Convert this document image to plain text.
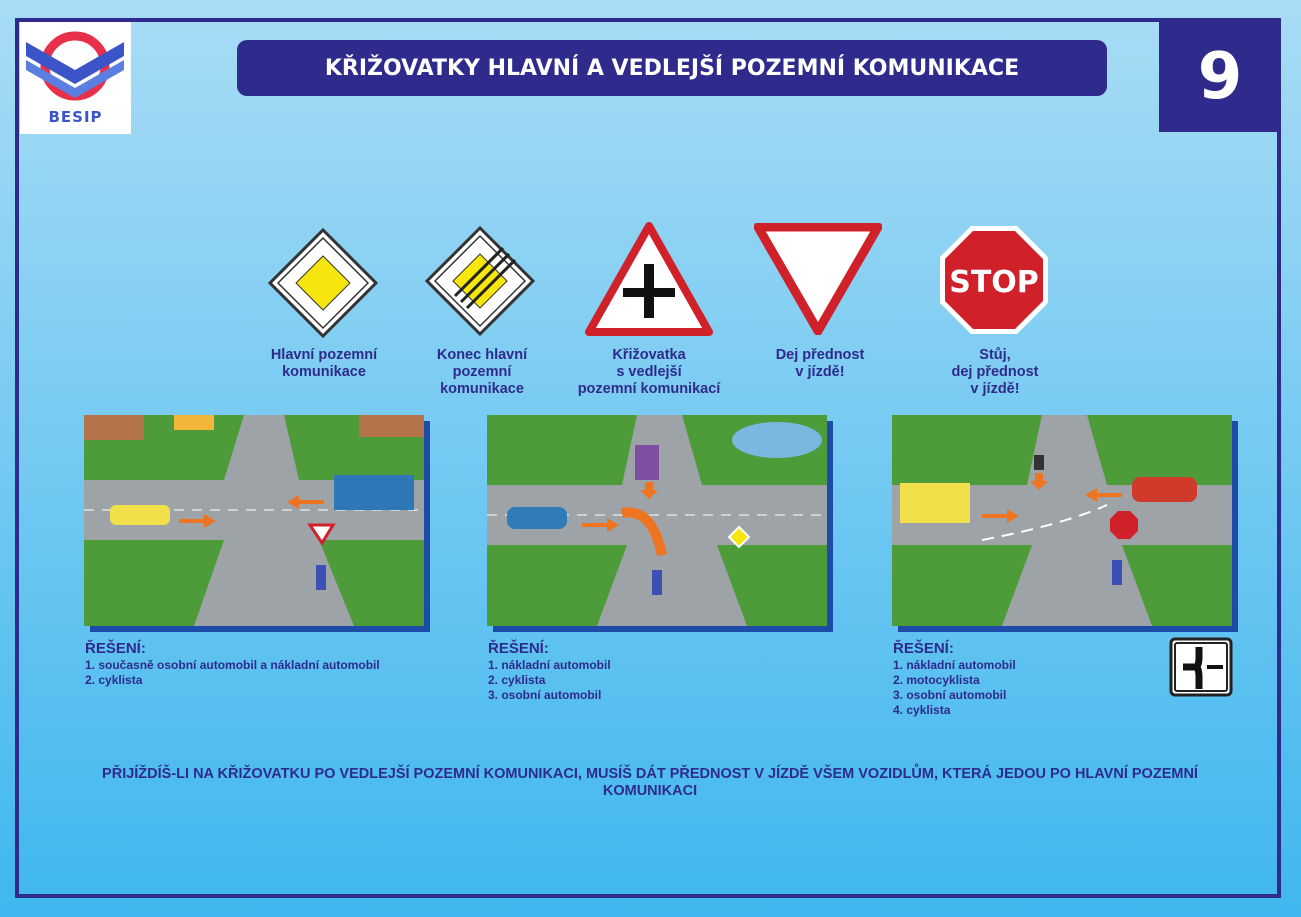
BESIP
KŘIŽOVATKY HLAVNÍ A VEDLEJŠÍ POZEMNÍ KOMUNIKACE	9
STOP
Hlavní pozemní
komunikace
Konec hlavní
pozemní
komunikace
Křižovatka
s vedlejší
pozemní komunikací
Dej přednost
v jízdě!
Stůj,
dej přednost
v jízdě!
ŘEŠENÍ:
1. současně osobní automobil a nákladní automobil
2. cyklista
ŘEŠENÍ:
1. nákladní automobil
2. cyklista
3. osobní automobil
ŘEŠENÍ:
1. nákladní automobil
2. motocyklista
3. osobní automobil
4. cyklista
PŘIJÍŽDÍŠ-LI NA KŘIŽOVATKU PO VEDLEJŠÍ POZEMNÍ KOMUNIKACI, MUSÍŠ DÁT PŘEDNOST V JÍZDĚ VŠEM VOZIDLŮM, KTERÁ JEDOU PO HLAVNÍ POZEMNÍ KOMUNIKACI
